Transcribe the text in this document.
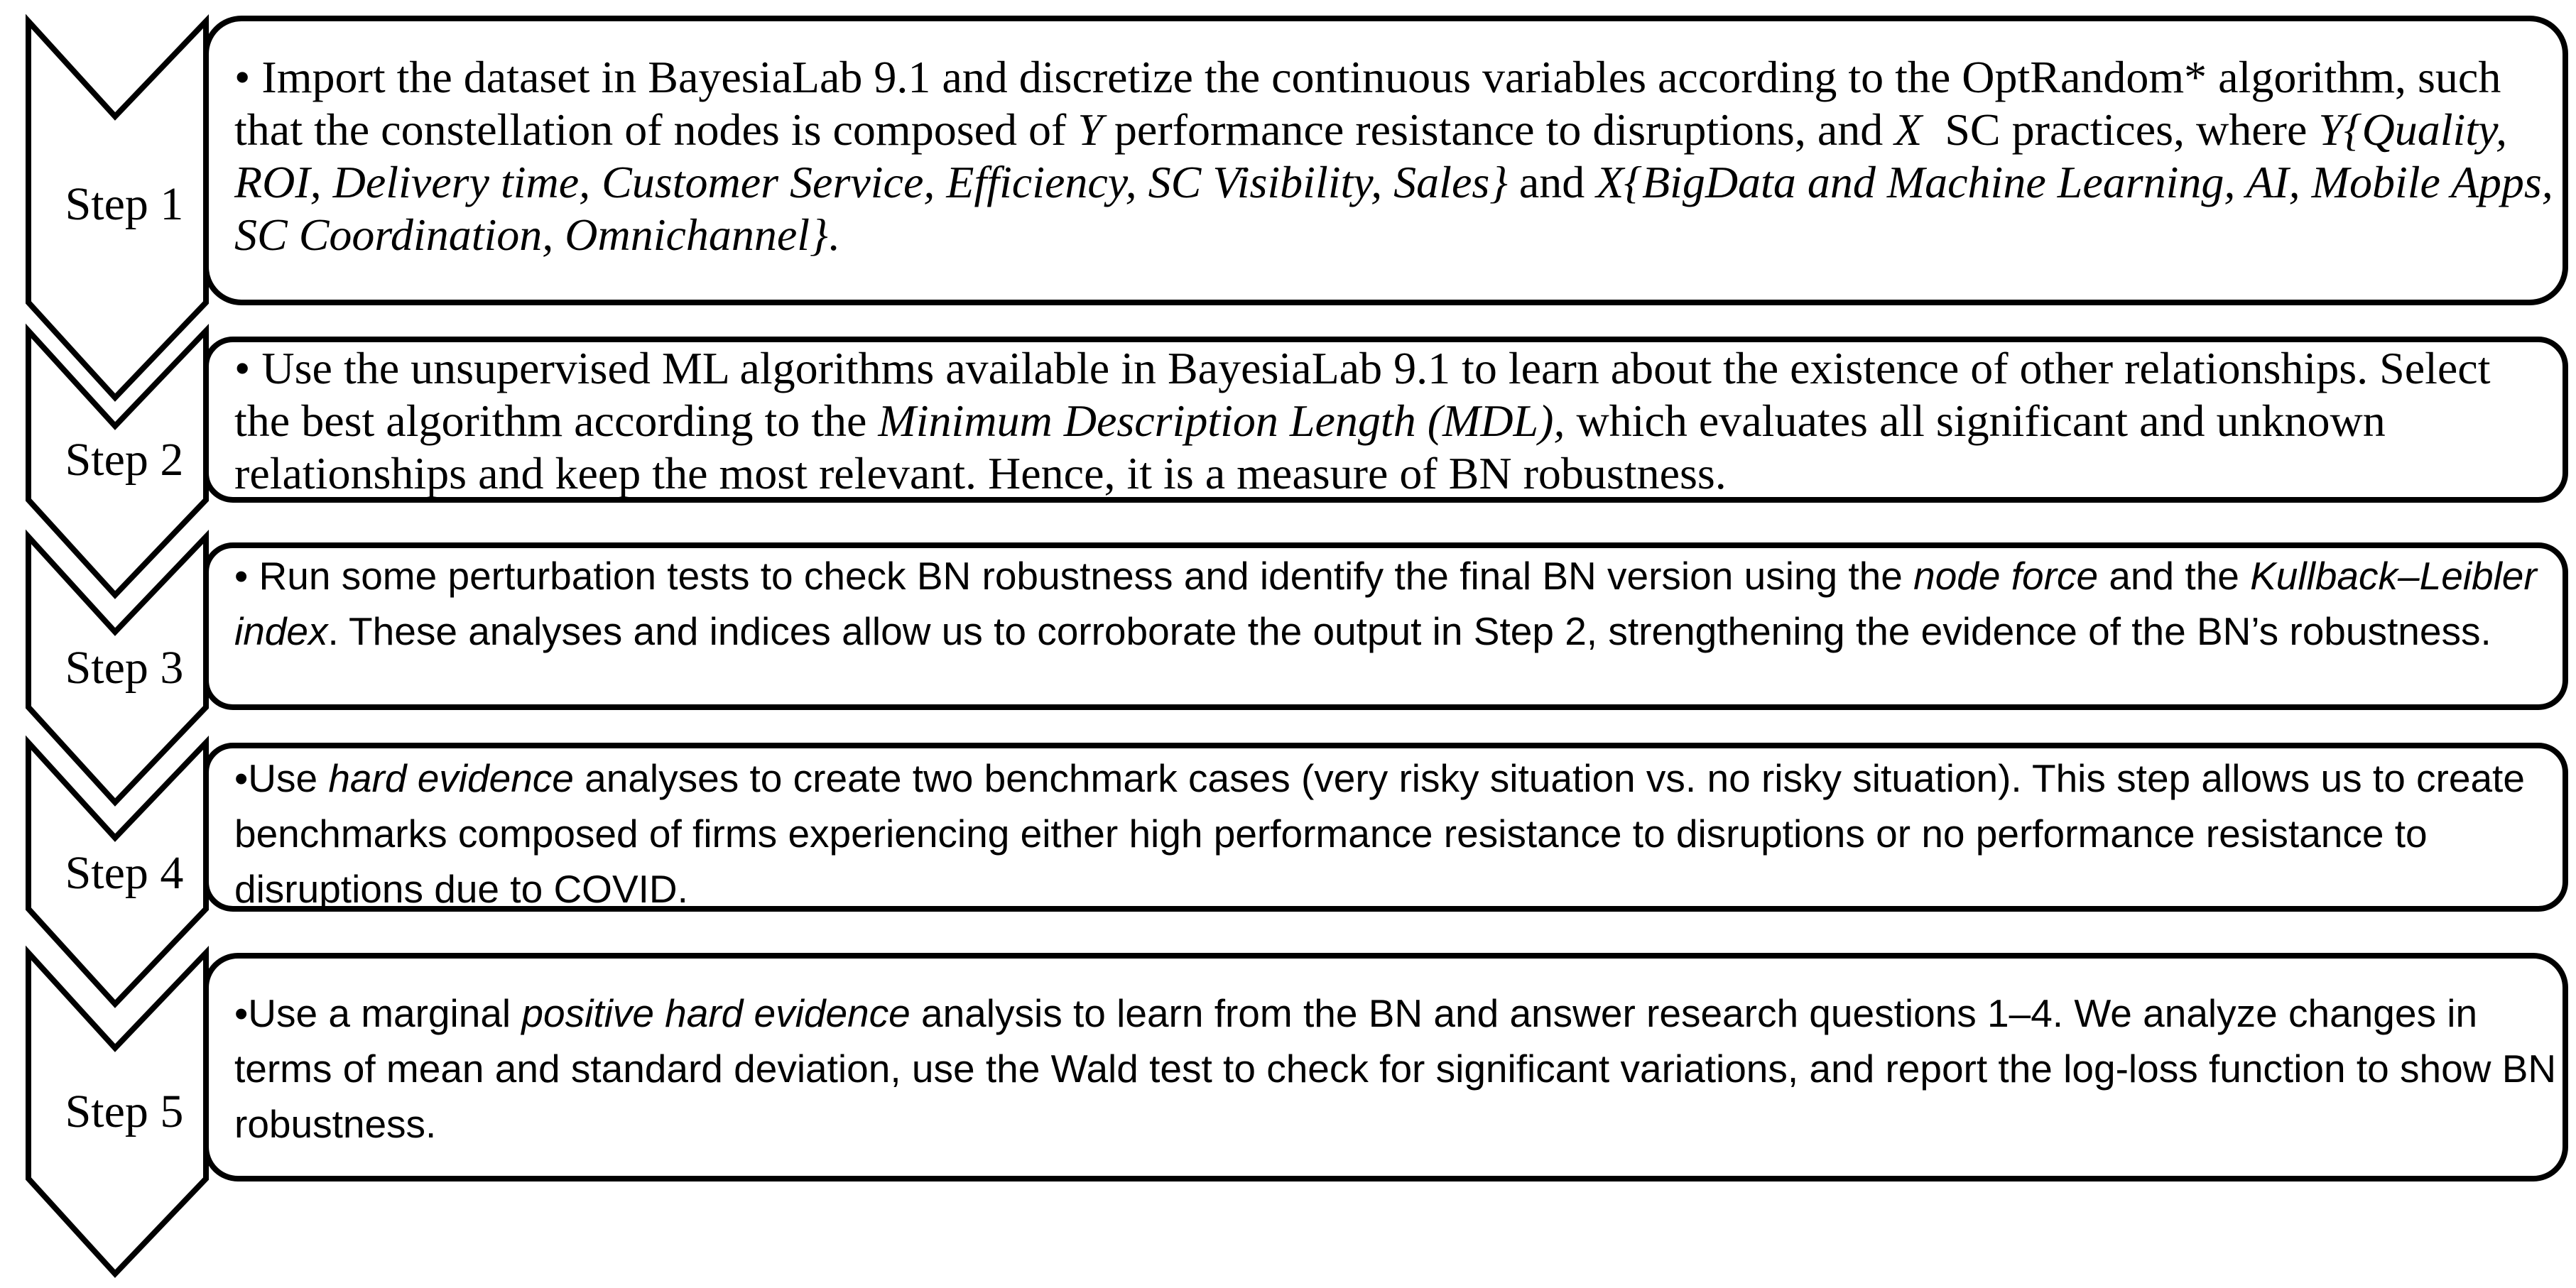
Step 1
Step 2
Step 3
Step 4
Step 5
• Import the dataset in BayesiaLab 9.1 and discretize the continuous variables according to the OptRandom* algorithm, such that the constellation of nodes is composed of Y performance resistance to disruptions, and X  SC practices, where Y{Quality, ROI, Delivery time, Customer Service, Efficiency, SC Visibility, Sales} and X{BigData and Machine Learning, AI, Mobile Apps, SC Coordination, Omnichannel}.
• Use the unsupervised ML algorithms available in BayesiaLab 9.1 to learn about the existence of other relationships. Select the best algorithm according to the Minimum Description Length (MDL), which evaluates all significant and unknown relationships and keep the most relevant. Hence, it is a measure of BN robustness.
• Run some perturbation tests to check BN robustness and identify the final BN version using the node force and the Kullback–Leibler index. These analyses and indices allow us to corroborate the output in Step 2, strengthening the evidence of the BN’s robustness.
•Use hard evidence analyses to create two benchmark cases (very risky situation vs. no risky situation). This step allows us to create benchmarks composed of firms experiencing either high performance resistance to disruptions or no performance resistance to disruptions due to COVID.
•Use a marginal positive hard evidence analysis to learn from the BN and answer research questions 1–4. We analyze changes in terms of mean and standard deviation, use the Wald test to check for significant variations, and report the log-loss function to show BN robustness.
